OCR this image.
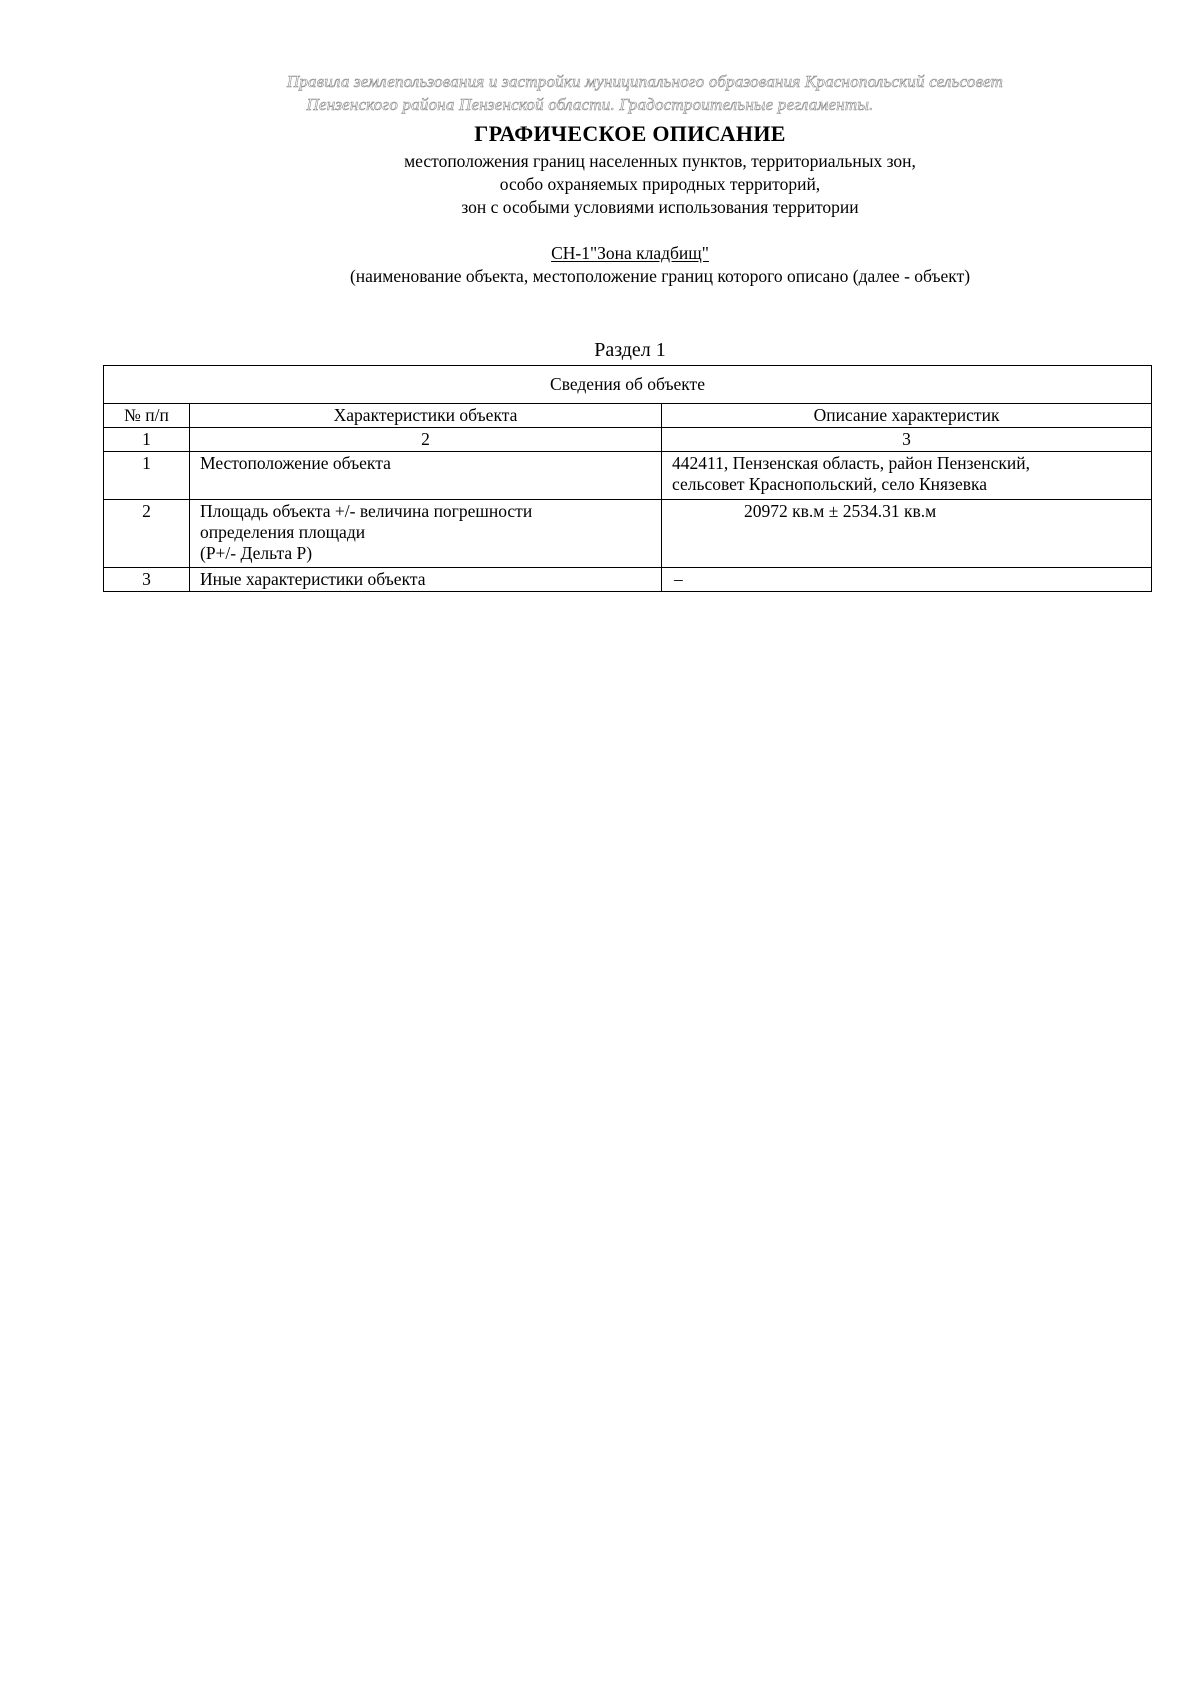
Правила землепользования и застройки муниципального образования Краснопольский сельсовет
Пензенского района Пензенской области. Градостроительные регламенты.
ГРАФИЧЕСКОЕ ОПИСАНИЕ
местоположения границ населенных пунктов, территориальных зон,
особо охраняемых природных территорий,
зон с особыми условиями использования территории
СН-1"Зона кладбищ"
(наименование объекта, местоположение границ которого описано (далее - объект)
Раздел 1
Сведения об объекте		
№ п/п	Характеристики объекта	Описание характеристик
1	2	3
1	Местоположение объекта	442411, Пензенская область, район Пензенский,
сельсовет Краснопольский, село Князевка

2	Площадь объекта +/- величина погрешности
определения площади
(P+/- Дельта P)	20972 кв.м ± 2534.31 кв.м
3	Иные характеристики объекта	–
